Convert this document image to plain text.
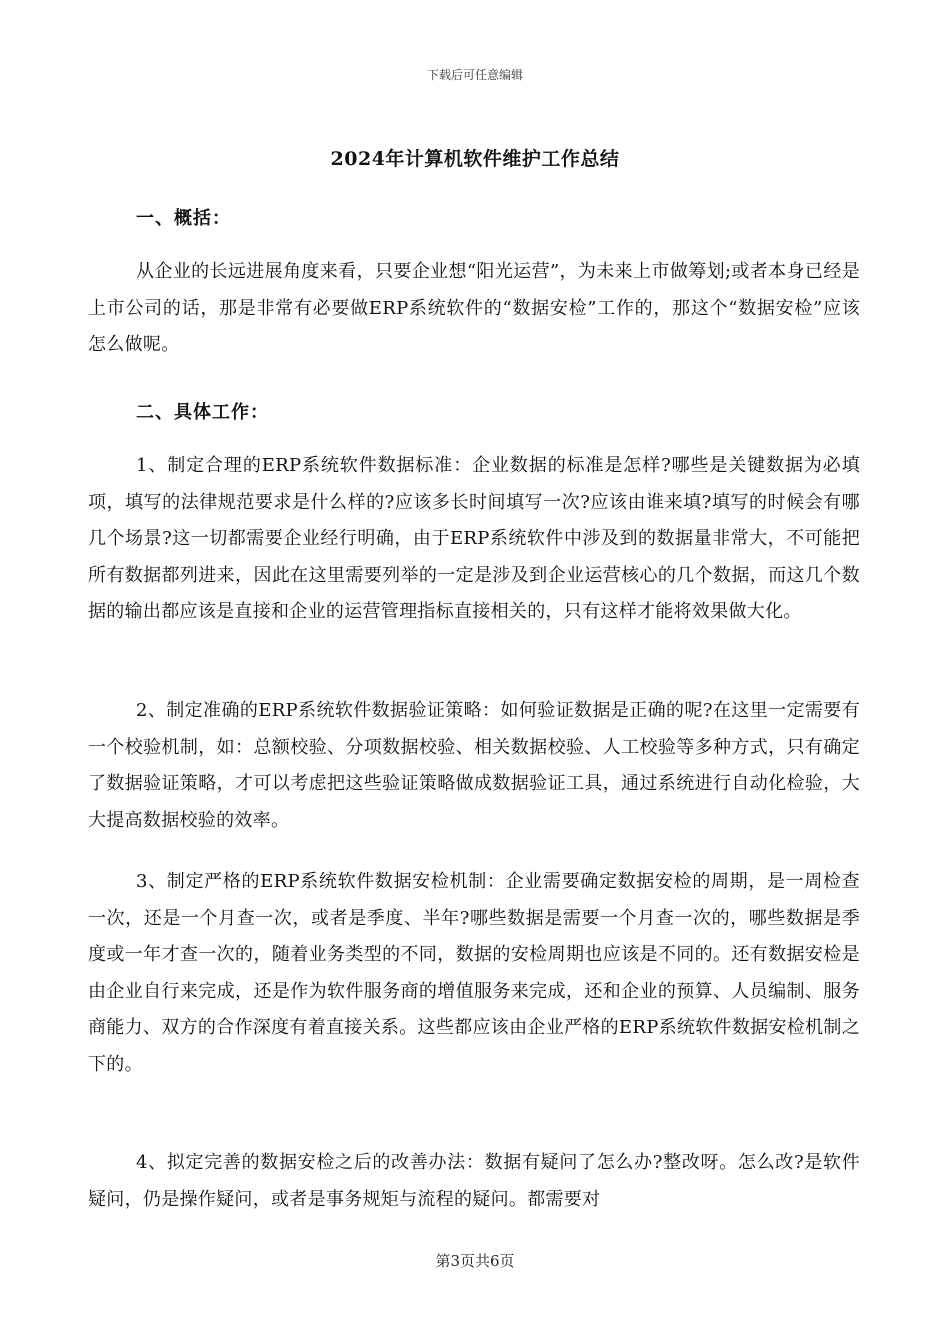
下载后可任意编辑
2024年计算机软件维护工作总结
一、概括：

从企业的长远进展角度来看，只要企业想“阳光运营”，为未来上市做筹划;或者本身已经是上市公司的话，那是非常有必要做ERP系统软件的“数据安检”工作的，那这个“数据安检”应该怎么做呢。

二、具体工作：

1、制定合理的ERP系统软件数据标准：企业数据的标准是怎样?哪些是关键数据为必填项，填写的法律规范要求是什么样的?应该多长时间填写一次?应该由谁来填?填写的时候会有哪几个场景?这一切都需要企业经行明确，由于ERP系统软件中涉及到的数据量非常大，不可能把所有数据都列进来，因此在这里需要列举的一定是涉及到企业运营核心的几个数据，而这几个数据的输出都应该是直接和企业的运营管理指标直接相关的，只有这样才能将效果做大化。

2、制定准确的ERP系统软件数据验证策略：如何验证数据是正确的呢?在这里一定需要有一个校验机制，如：总额校验、分项数据校验、相关数据校验、人工校验等多种方式，只有确定了数据验证策略，才可以考虑把这些验证策略做成数据验证工具，通过系统进行自动化检验，大大提高数据校验的效率。

3、制定严格的ERP系统软件数据安检机制：企业需要确定数据安检的周期，是一周检查一次，还是一个月查一次，或者是季度、半年?哪些数据是需要一个月查一次的，哪些数据是季度或一年才查一次的，随着业务类型的不同，数据的安检周期也应该是不同的。还有数据安检是由企业自行来完成，还是作为软件服务商的增值服务来完成，还和企业的预算、人员编制、服务商能力、双方的合作深度有着直接关系。这些都应该由企业严格的ERP系统软件数据安检机制之下的。

4、拟定完善的数据安检之后的改善办法：数据有疑问了怎么办?整改呀。怎么改?是软件疑问，仍是操作疑问，或者是事务规矩与流程的疑问。都需要对

第3页共6页
